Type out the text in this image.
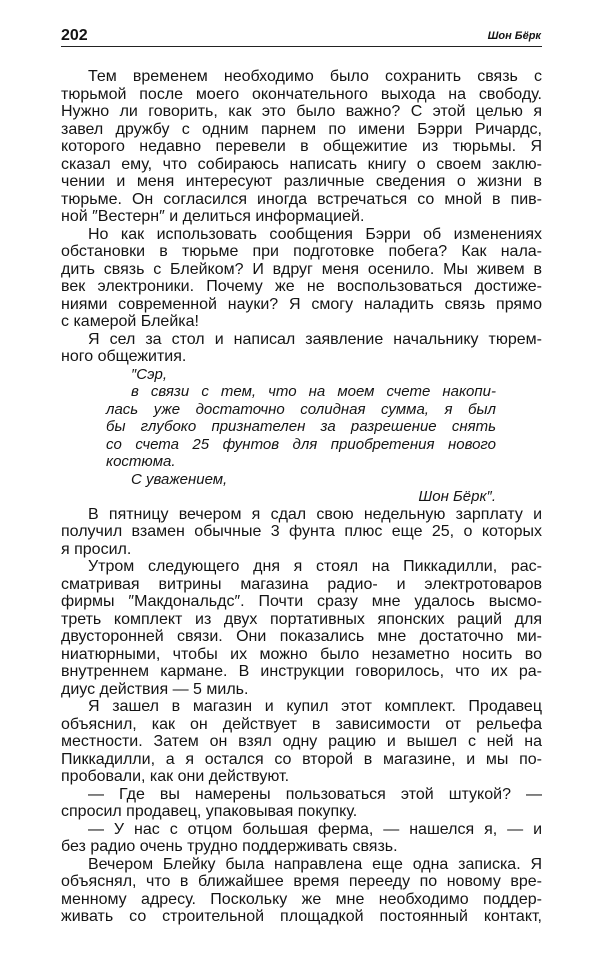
202	Шон Бёрк
Тем временем необходимо было сохранить связь с
тюрьмой после моего окончательного выхода на свободу.
Нужно ли говорить, как это было важно? С этой целью я
завел дружбу с одним парнем по имени Бэрри Ричардс,
которого недавно перевели в общежитие из тюрьмы. Я
сказал ему, что собираюсь написать книгу о своем заклю-
чении и меня интересуют различные сведения о жизни в
тюрьме. Он согласился иногда встречаться со мной в пив-
ной ″Вестерн″ и делиться информацией.
Но как использовать сообщения Бэрри об изменениях
обстановки в тюрьме при подготовке побега? Как нала-
дить связь с Блейком? И вдруг меня осенило. Мы живем в
век электроники. Почему же не воспользоваться достиже-
ниями современной науки? Я смогу наладить связь прямо
с камерой Блейка!
Я сел за стол и написал заявление начальнику тюрем-
ного общежития.
″Сэр,
в связи с тем, что на моем счете накопи-
лась уже достаточно солидная сумма, я был
бы глубоко признателен за разрешение снять
со счета 25 фунтов для приобретения нового
костюма.
С уважением,
Шон Бёрк″.
В пятницу вечером я сдал свою недельную зарплату и
получил взамен обычные 3 фунта плюс еще 25, о которых
я просил.
Утром следующего дня я стоял на Пиккадилли, рас-
сматривая витрины магазина радио- и электротоваров
фирмы ″Макдональдс″. Почти сразу мне удалось высмо-
треть комплект из двух портативных японских раций для
двусторонней связи. Они показались мне достаточно ми-
ниатюрными, чтобы их можно было незаметно носить во
внутреннем кармане. В инструкции говорилось, что их ра-
диус действия — 5 миль.
Я зашел в магазин и купил этот комплект. Продавец
объяснил, как он действует в зависимости от рельефа
местности. Затем он взял одну рацию и вышел с ней на
Пиккадилли, а я остался со второй в магазине, и мы по-
пробовали, как они действуют.
— Где вы намерены пользоваться этой штукой? —
спросил продавец, упаковывая покупку.
— У нас с отцом большая ферма, — нашелся я, — и
без радио очень трудно поддерживать связь.
Вечером Блейку была направлена еще одна записка. Я
объяснял, что в ближайшее время перееду по новому вре-
менному адресу. Поскольку же мне необходимо поддер-
живать со строительной площадкой постоянный контакт,
